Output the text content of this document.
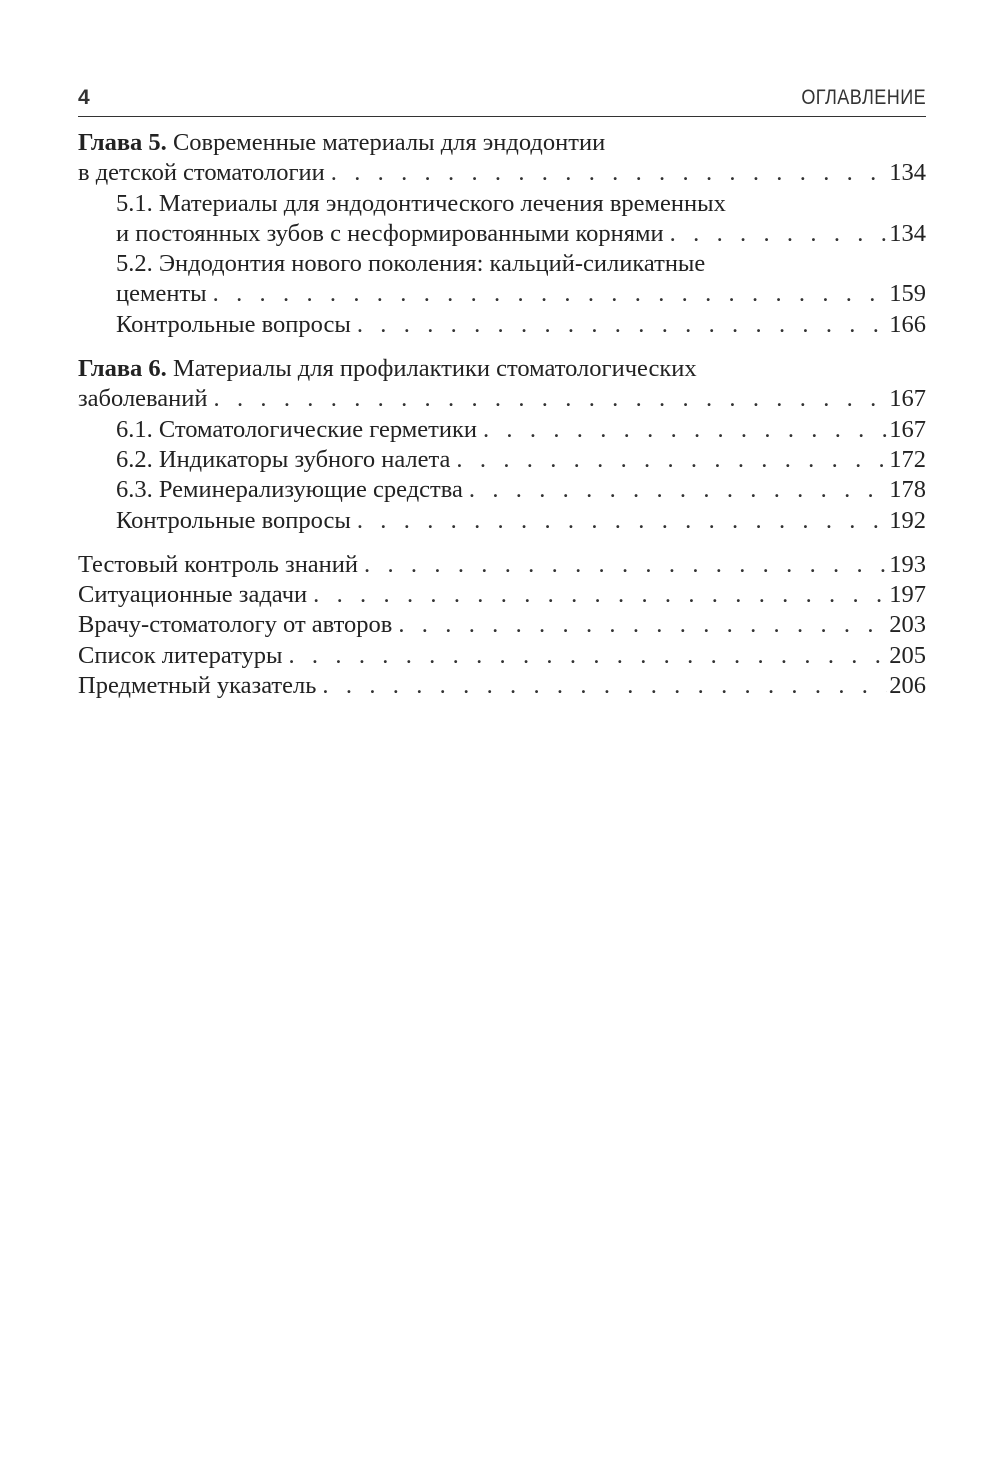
4	ОГЛАВЛЕНИЕ
Глава 5. Современные материалы для эндодонтии
в детской стоматологии . . .	134
5.1. Материалы для эндодонтического лечения временных
и постоянных зубов с несформированными корнями . . .	134
5.2. Эндодонтия нового поколения: кальций-силикатные
цементы . . .	159
Контрольные вопросы . . .	166
Глава 6. Материалы для профилактики стоматологических
заболеваний . . .	167
6.1. Стоматологические герметики . . .	167
6.2. Индикаторы зубного налета . . .	172
6.3. Реминерализующие средства . . .	178
Контрольные вопросы . . .	192
Тестовый контроль знаний . . .	193
Ситуационные задачи . . .	197
Врачу-стоматологу от авторов . . .	203
Список литературы . . .	205
Предметный указатель . . .	206
